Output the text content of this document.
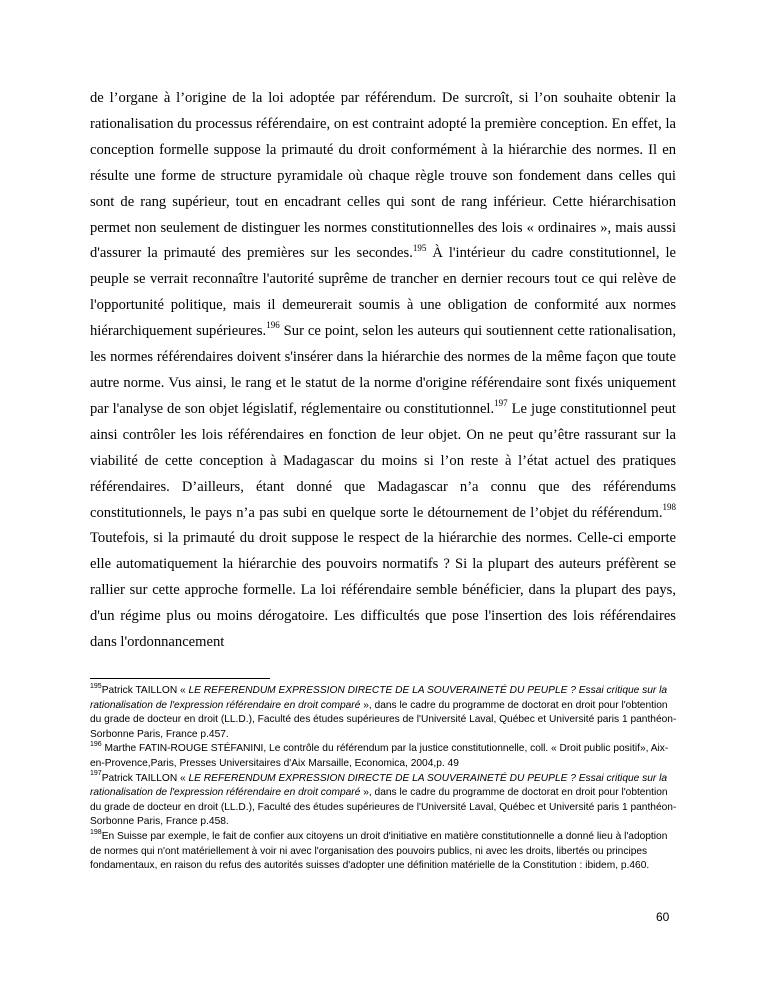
de l’organe à l’origine de la loi adoptée par référendum. De surcroît, si l’on souhaite obtenir la rationalisation du processus référendaire, on est contraint adopté la première conception. En effet, la conception formelle suppose la primauté du droit conformément à la hiérarchie des normes. Il en résulte une forme de structure pyramidale où chaque règle trouve son fondement dans celles qui sont de rang supérieur, tout en encadrant celles qui sont de rang inférieur. Cette hiérarchisation permet non seulement de distinguer les normes constitutionnelles des lois « ordinaires », mais aussi d'assurer la primauté des premières sur les secondes.$^{195}$ À l'intérieur du cadre constitutionnel, le peuple se verrait reconnaître l'autorité suprême de trancher en dernier recours tout ce qui relève de l'opportunité politique, mais il demeurerait soumis à une obligation de conformité aux normes hiérarchiquement supérieures.$^{196}$ Sur ce point, selon les auteurs qui soutiennent cette rationalisation, les normes référendaires doivent s'insérer dans la hiérarchie des normes de la même façon que toute autre norme. Vus ainsi, le rang et le statut de la norme d'origine référendaire sont fixés uniquement par l'analyse de son objet législatif, réglementaire ou constitutionnel.$^{197}$ Le juge constitutionnel peut ainsi contrôler les lois référendaires en fonction de leur objet. On ne peut qu’être rassurant sur la viabilité de cette conception à Madagascar du moins si l’on reste à l’état actuel des pratiques référendaires. D’ailleurs, étant donné que Madagascar n’a connu que des référendums constitutionnels, le pays n’a pas subi en quelque sorte le détournement de l’objet du référendum.$^{198}$ Toutefois, si la primauté du droit suppose le respect de la hiérarchie des normes. Celle-ci emporte elle automatiquement la hiérarchie des pouvoirs normatifs ? Si la plupart des auteurs préfèrent se rallier sur cette approche formelle. La loi référendaire semble bénéficier, dans la plupart des pays, d'un régime plus ou moins dérogatoire. Les difficultés que pose l'insertion des lois référendaires dans l'ordonnancement

$^{195}$Patrick TAILLON « LE REFERENDUM EXPRESSION DIRECTE DE LA SOUVERAINETÉ DU PEUPLE ? Essai critique sur la rationalisation de l'expression référendaire en droit comparé », dans le cadre du programme de doctorat en droit pour l'obtention du grade de docteur en droit (LL.D.), Faculté des études supérieures de l'Université Laval, Québec et Université paris 1 panthéon-Sorbonne Paris, France p.457.

$^{196}$ Marthe FATIN-ROUGE STÉFANINI, Le contrôle du référendum par la justice constitutionnelle, coll. « Droit public positif», Aix-en-Provence,Paris, Presses Universitaires d'Aix Marsaille, Economica, 2004,p. 49

$^{197}$Patrick TAILLON « LE REFERENDUM EXPRESSION DIRECTE DE LA SOUVERAINETÉ DU PEUPLE ? Essai critique sur la rationalisation de l'expression référendaire en droit comparé », dans le cadre du programme de doctorat en droit pour l'obtention du grade de docteur en droit (LL.D.), Faculté des études supérieures de l'Université Laval, Québec et Université paris 1 panthéon-Sorbonne Paris, France p.458.

$^{198}$En Suisse par exemple, le fait de confier aux citoyens un droit d'initiative en matière constitutionnelle a donné lieu à l'adoption de normes qui n'ont matériellement à voir ni avec l'organisation des pouvoirs publics, ni avec les droits, libertés ou principes fondamentaux, en raison du refus des autorités suisses d'adopter une définition matérielle de la Constitution : ibidem, p.460.

60
